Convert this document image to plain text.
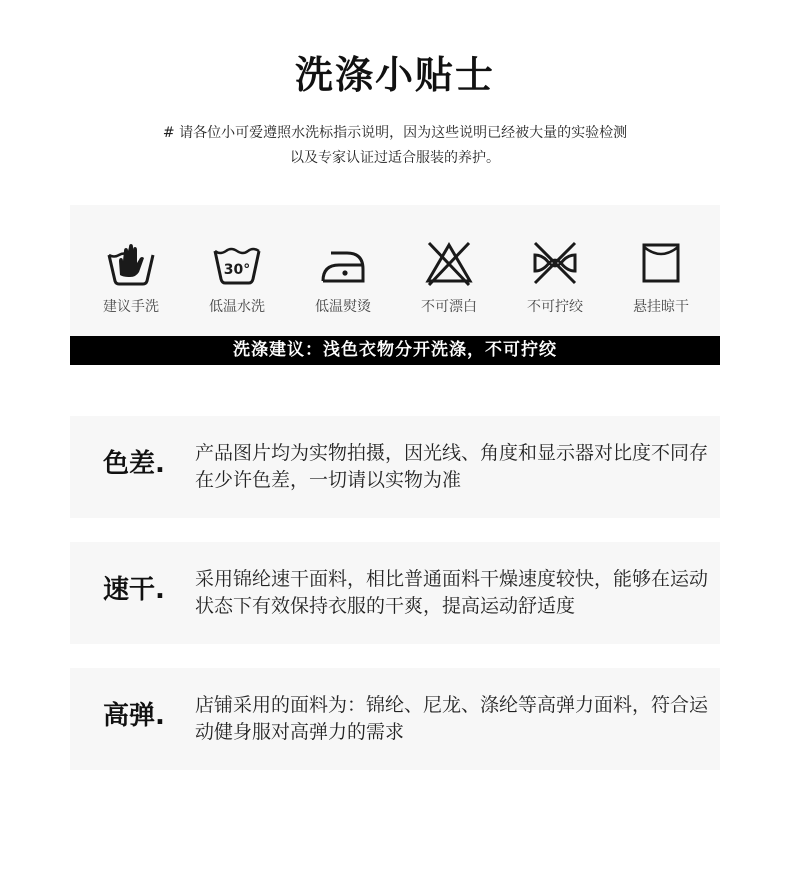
洗涤小贴士
# 请各位小可爱遵照水洗标指示说明，因为这些说明已经被大量的实验检测
以及专家认证过适合服装的养护。
建议手洗
30°
低温水洗	低温熨烫	不可漂白	不可拧绞	悬挂晾干
洗涤建议：浅色衣物分开洗涤，不可拧绞
色差. 产品图片均为实物拍摄，因光线、角度和显示器对比度不同存在少许色差，一切请以实物为准
速干. 采用锦纶速干面料，相比普通面料干燥速度较快，能够在运动状态下有效保持衣服的干爽，提高运动舒适度
高弹. 店铺采用的面料为：锦纶、尼龙、涤纶等高弹力面料，符合运动健身服对高弹力的需求
